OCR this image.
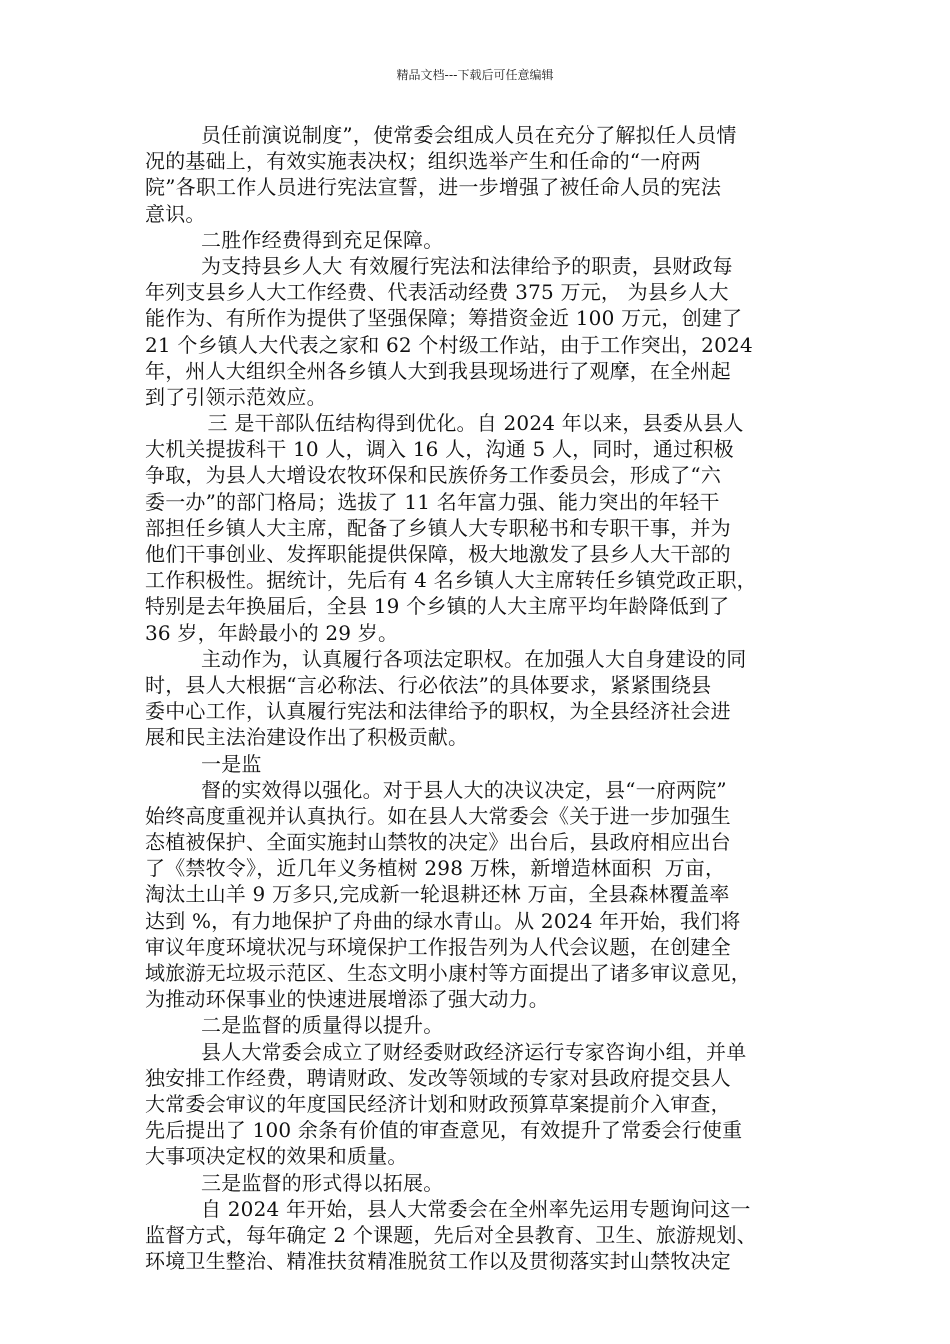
精品文档---下载后可任意编辑
员任前演说制度”，使常委会组成人员在充分了解拟任人员情
况的基础上，有效实施表决权；组织选举产生和任命的“一府两
院”各职工作人员进行宪法宣誓，进一步增强了被任命人员的宪法
意识。
二胜作经费得到充足保障。
为支持县乡人大 有效履行宪法和法律给予的职责，县财政每
年列支县乡人大工作经费、代表活动经费 375 万元， 为县乡人大
能作为、有所作为提供了坚强保障；筹措资金近 100 万元，创建了
21 个乡镇人大代表之家和 62 个村级工作站，由于工作突出，2024
年，州人大组织全州各乡镇人大到我县现场进行了观摩，在全州起
到了引领示范效应。
三 是干部队伍结构得到优化。自 2024 年以来，县委从县人
大机关提拔科干 10 人，调入 16 人，沟通 5 人，同时，通过积极
争取，为县人大增设农牧环保和民族侨务工作委员会，形成了“六
委一办”的部门格局；选拔了 11 名年富力强、能力突出的年轻干
部担任乡镇人大主席，配备了乡镇人大专职秘书和专职干事，并为
他们干事创业、发挥职能提供保障，极大地激发了县乡人大干部的
工作积极性。据统计，先后有 4 名乡镇人大主席转任乡镇党政正职，
特别是去年换届后，全县 19 个乡镇的人大主席平均年龄降低到了
36 岁，年龄最小的 29 岁。
主动作为，认真履行各项法定职权。在加强人大自身建设的同
时，县人大根据“言必称法、行必依法”的具体要求，紧紧围绕县
委中心工作，认真履行宪法和法律给予的职权，为全县经济社会进
展和民主法治建设作出了积极贡献。
一是监
督的实效得以强化。对于县人大的决议决定，县“一府两院”
始终高度重视并认真执行。如在县人大常委会《关于进一步加强生
态植被保护、全面实施封山禁牧的决定》出台后，县政府相应出台
了《禁牧令》，近几年义务植树 298 万株，新增造林面积  万亩，
淘汰土山羊 9 万多只,完成新一轮退耕还林 万亩，全县森林覆盖率
达到 %，有力地保护了舟曲的绿水青山。从 2024 年开始，我们将
审议年度环境状况与环境保护工作报告列为人代会议题，在创建全
域旅游无垃圾示范区、生态文明小康村等方面提出了诸多审议意见，
为推动环保事业的快速进展增添了强大动力。
二是监督的质量得以提升。
县人大常委会成立了财经委财政经济运行专家咨询小组，并单
独安排工作经费，聘请财政、发改等领域的专家对县政府提交县人
大常委会审议的年度国民经济计划和财政预算草案提前介入审查，
先后提出了 100 余条有价值的审查意见，有效提升了常委会行使重
大事项决定权的效果和质量。
三是监督的形式得以拓展。
自 2024 年开始，县人大常委会在全州率先运用专题询问这一
监督方式，每年确定 2 个课题，先后对全县教育、卫生、旅游规划、
环境卫生整治、精准扶贫精准脱贫工作以及贯彻落实封山禁牧决定
